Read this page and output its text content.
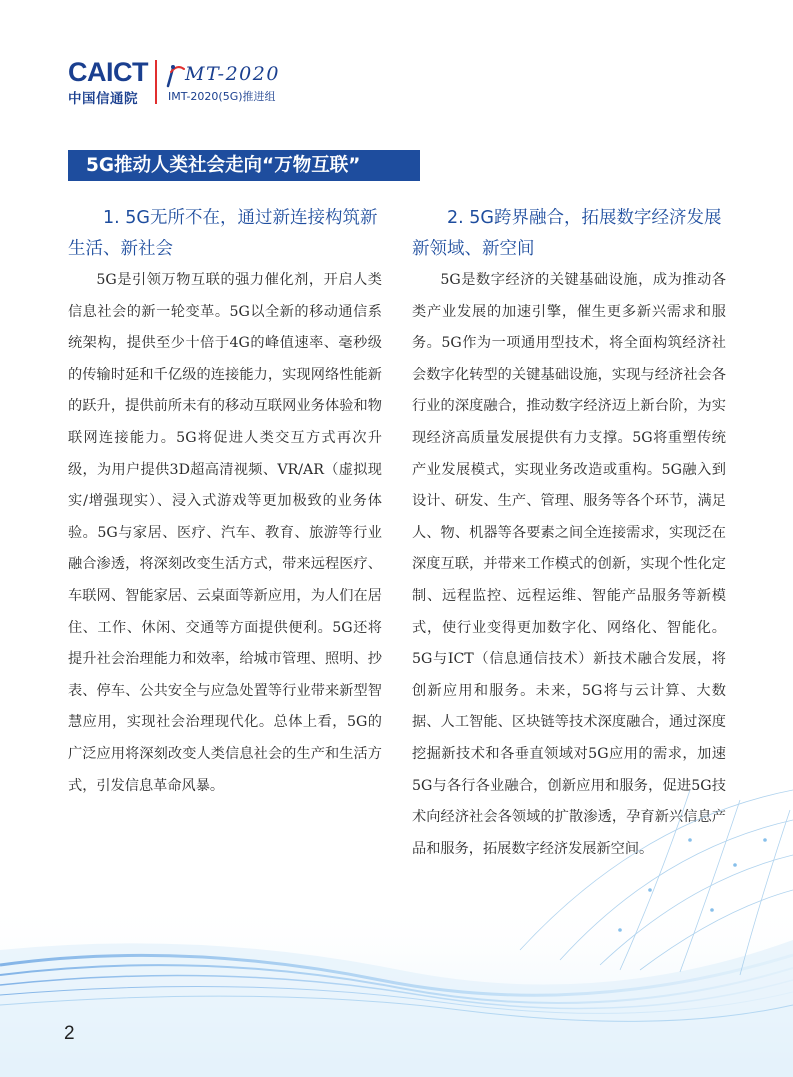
CAICT
中国信通院
MT-2020
IMT-2020(5G)推进组
5G推动人类社会走向“万物互联”

1. 5G无所不在，通过新连接构筑新生活、新社会

5G是引领万物互联的强力催化剂，开启人类信息社会的新一轮变革。5G以全新的移动通信系统架构，提供至少十倍于4G的峰值速率、毫秒级的传输时延和千亿级的连接能力，实现网络性能新的跃升，提供前所未有的移动互联网业务体验和物联网连接能力。5G将促进人类交互方式再次升级，为用户提供3D超高清视频、VR/AR（虚拟现实/增强现实）、浸入式游戏等更加极致的业务体验。5G与家居、医疗、汽车、教育、旅游等行业融合渗透，将深刻改变生活方式，带来远程医疗、车联网、智能家居、云桌面等新应用，为人们在居住、工作、休闲、交通等方面提供便利。5G还将提升社会治理能力和效率，给城市管理、照明、抄表、停车、公共安全与应急处置等行业带来新型智慧应用，实现社会治理现代化。总体上看，5G的广泛应用将深刻改变人类信息社会的生产和生活方式，引发信息革命风暴。

2. 5G跨界融合，拓展数字经济发展新领域、新空间

5G是数字经济的关键基础设施，成为推动各类产业发展的加速引擎，催生更多新兴需求和服务。5G作为一项通用型技术，将全面构筑经济社会数字化转型的关键基础设施，实现与经济社会各行业的深度融合，推动数字经济迈上新台阶，为实现经济高质量发展提供有力支撑。5G将重塑传统产业发展模式，实现业务改造或重构。5G融入到设计、研发、生产、管理、服务等各个环节，满足人、物、机器等各要素之间全连接需求，实现泛在深度互联，并带来工作模式的创新，实现个性化定制、远程监控、远程运维、智能产品服务等新模式，使行业变得更加数字化、网络化、智能化。5G与ICT（信息通信技术）新技术融合发展，将创新应用和服务。未来，5G将与云计算、大数据、人工智能、区块链等技术深度融合，通过深度挖掘新技术和各垂直领域对5G应用的需求，加速5G与各行各业融合，创新应用和服务，促进5G技术向经济社会各领域的扩散渗透，孕育新兴信息产品和服务，拓展数字经济发展新空间。

2
